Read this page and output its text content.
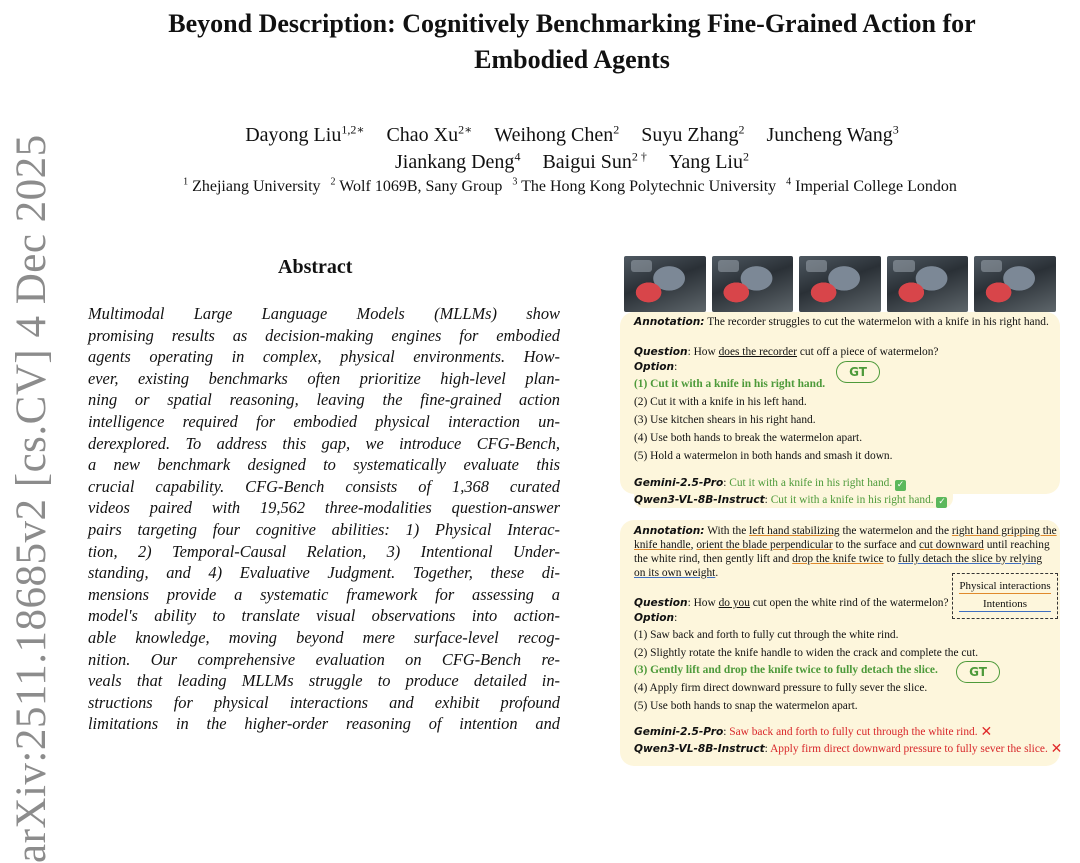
arXiv:2511.18685v2 [cs.CV] 4 Dec 2025
Beyond Description: Cognitively Benchmarking Fine-Grained Action for
Embodied Agents
Dayong Liu$^{1,2∗}$ Chao $Xu^{2∗}$ Weihong Chen$^2$ Suyu Zhang$^2$ Juncheng Wang$^3$
Jiankang Deng$^4$ Baigui Sun$^{2 \dagger}$ Yang Liu$^2$
$^1$ Zhejiang University $^2$ Wolf 1069B, Sany Group $^3$ The Hong Kong Polytechnic University $^4$ Imperial College London
Abstract
Multimodal Large Language Models (MLLMs) show
promising results as decision-making engines for embodied
agents operating in complex, physical environments. How-
ever, existing benchmarks often prioritize high-level plan-
ning or spatial reasoning, leaving the fine-grained action
intelligence required for embodied physical interaction un-
derexplored. To address this gap, we introduce CFG-Bench,
a new benchmark designed to systematically evaluate this
crucial capability. CFG-Bench consists of 1,368 curated
videos paired with 19,562 three-modalities question-answer
pairs targeting four cognitive abilities: 1) Physical Interac-
tion, 2) Temporal-Causal Relation, 3) Intentional Under-
standing, and 4) Evaluative Judgment. Together, these di-
mensions provide a systematic framework for assessing a
model's ability to translate visual observations into action-
able knowledge, moving beyond mere surface-level recog-
nition. Our comprehensive evaluation on CFG-Bench re-
veals that leading MLLMs struggle to produce detailed in-
structions for physical interactions and exhibit profound
limitations in the higher-order reasoning of intention and
Annotation: The recorder struggles to cut the watermelon with a knife in his right hand.
Question: How does the recorder cut off a piece of watermelon?
Option:
(1) Cut it with a knife in his right hand.
(2) Cut it with a knife in his left hand.
(3) Use kitchen shears in his right hand.
(4) Use both hands to break the watermelon apart.
(5) Hold a watermelon in both hands and smash it down.
Gemini-2.5-Pro: Cut it with a knife in his right hand. ✓
Qwen3-VL-8B-Instruct: Cut it with a knife in his right hand. ✓
GT
Annotation: With the left hand stabilizing the watermelon and the right hand gripping the
knife handle, orient the blade perpendicular to the surface and cut downward until reaching
the white rind, then gently lift and drop the knife twice to fully detach the slice by relying
on its own weight.
Question: How do you cut open the white rind of the watermelon?
Option:
(1) Saw back and forth to fully cut through the white rind.
(2) Slightly rotate the knife handle to widen the crack and complete the cut.
(3) Gently lift and drop the knife twice to fully detach the slice.
(4) Apply firm direct downward pressure to fully sever the slice.
(5) Use both hands to snap the watermelon apart.
Gemini-2.5-Pro: Saw back and forth to fully cut through the white rind. ✕
Qwen3-VL-8B-Instruct: Apply firm direct downward pressure to fully sever the slice. ✕
GT
Physical interactions
Intentions
